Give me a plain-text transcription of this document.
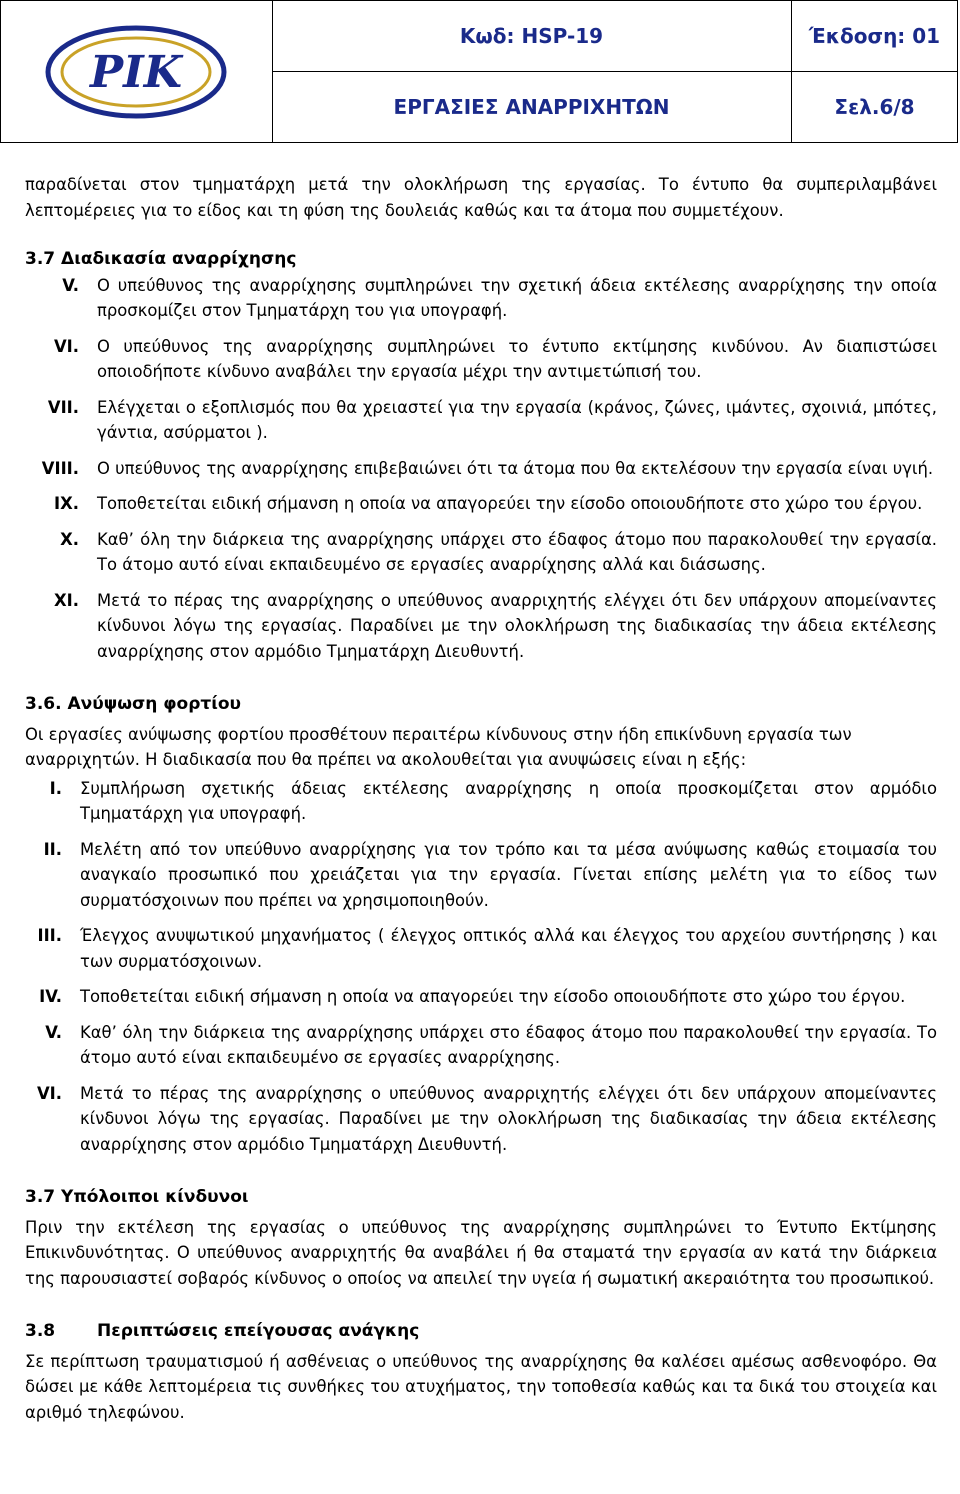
ΡΙΚ
Κωδ: HSP-19	Έκδοση: 01
ΕΡΓΑΣΙΕΣ ΑΝΑΡΡΙΧΗΤΩΝ	Σελ.6/8

παραδίνεται στον τμηματάρχη μετά την ολοκλήρωση της εργασίας. Το έντυπο θα συμπεριλαμβάνει λεπτομέρειες για το είδος και τη φύση της δουλειάς καθώς και τα άτομα που συμμετέχουν.

3.7 Διαδικασία αναρρίχησης

V. Ο υπεύθυνος της αναρρίχησης συμπληρώνει την σχετική άδεια εκτέλεσης αναρρίχησης την οποία προσκομίζει στον Τμηματάρχη του για υπογραφή.
VI. Ο υπεύθυνος της αναρρίχησης συμπληρώνει το έντυπο εκτίμησης κινδύνου. Αν διαπιστώσει οποιοδήποτε κίνδυνο αναβάλει την εργασία μέχρι την αντιμετώπισή του.
VII. Ελέγχεται ο εξοπλισμός που θα χρειαστεί για την εργασία (κράνος, ζώνες, ιμάντες, σχοινιά, μπότες, γάντια, ασύρματοι ).
VIII. Ο υπεύθυνος της αναρρίχησης επιβεβαιώνει ότι τα άτομα που θα εκτελέσουν την εργασία είναι υγιή.
IX. Τοποθετείται ειδική σήμανση η οποία να απαγορεύει την είσοδο οποιουδήποτε στο χώρο του έργου.
X. Καθ’ όλη την διάρκεια της αναρρίχησης υπάρχει στο έδαφος άτομο που παρακολουθεί την εργασία. Το άτομο αυτό είναι εκπαιδευμένο σε εργασίες αναρρίχησης αλλά και διάσωσης.
XI. Μετά το πέρας της αναρρίχησης ο υπεύθυνος αναρριχητής ελέγχει ότι δεν υπάρχουν απομείναντες κίνδυνοι λόγω της εργασίας. Παραδίνει με την ολοκλήρωση της διαδικασίας την άδεια εκτέλεσης αναρρίχησης στον αρμόδιο Τμηματάρχη Διευθυντή.

3.6. Ανύψωση φορτίου

Οι εργασίες ανύψωσης φορτίου προσθέτουν περαιτέρω κίνδυνους στην ήδη επικίνδυνη εργασία των αναρριχητών. Η διαδικασία που θα πρέπει να ακολουθείται για ανυψώσεις είναι η εξής:

I. Συμπλήρωση σχετικής άδειας εκτέλεσης αναρρίχησης η οποία προσκομίζεται στον αρμόδιο Τμηματάρχη για υπογραφή.
II. Μελέτη από τον υπεύθυνο αναρρίχησης για τον τρόπο και τα μέσα ανύψωσης καθώς ετοιμασία του αναγκαίο προσωπικό που χρειάζεται για την εργασία. Γίνεται επίσης μελέτη για το είδος των συρματόσχοινων που πρέπει να χρησιμοποιηθούν.
III. Έλεγχος ανυψωτικού μηχανήματος ( έλεγχος οπτικός αλλά και έλεγχος του αρχείου συντήρησης ) και των συρματόσχοινων.
IV. Τοποθετείται ειδική σήμανση η οποία να απαγορεύει την είσοδο οποιουδήποτε στο χώρο του έργου.
V. Καθ’ όλη την διάρκεια της αναρρίχησης υπάρχει στο έδαφος άτομο που παρακολουθεί την εργασία. Το άτομο αυτό είναι εκπαιδευμένο σε εργασίες αναρρίχησης.
VI. Μετά το πέρας της αναρρίχησης ο υπεύθυνος αναρριχητής ελέγχει ότι δεν υπάρχουν απομείναντες κίνδυνοι λόγω της εργασίας. Παραδίνει με την ολοκλήρωση της διαδικασίας την άδεια εκτέλεσης αναρρίχησης στον αρμόδιο Τμηματάρχη Διευθυντή.

3.7 Υπόλοιποι κίνδυνοι

Πριν την εκτέλεση της εργασίας ο υπεύθυνος της αναρρίχησης συμπληρώνει το Έντυπο Εκτίμησης Επικινδυνότητας. Ο υπεύθυνος αναρριχητής θα αναβάλει ή θα σταματά την εργασία αν κατά την διάρκεια της παρουσιαστεί σοβαρός κίνδυνος ο οποίος να απειλεί την υγεία ή σωματική ακεραιότητα του προσωπικού.

3.8 Περιπτώσεις επείγουσας ανάγκης

Σε περίπτωση τραυματισμού ή ασθένειας ο υπεύθυνος της αναρρίχησης θα καλέσει αμέσως ασθενοφόρο. Θα δώσει με κάθε λεπτομέρεια τις συνθήκες του ατυχήματος, την τοποθεσία καθώς και τα δικά του στοιχεία και αριθμό τηλεφώνου.
